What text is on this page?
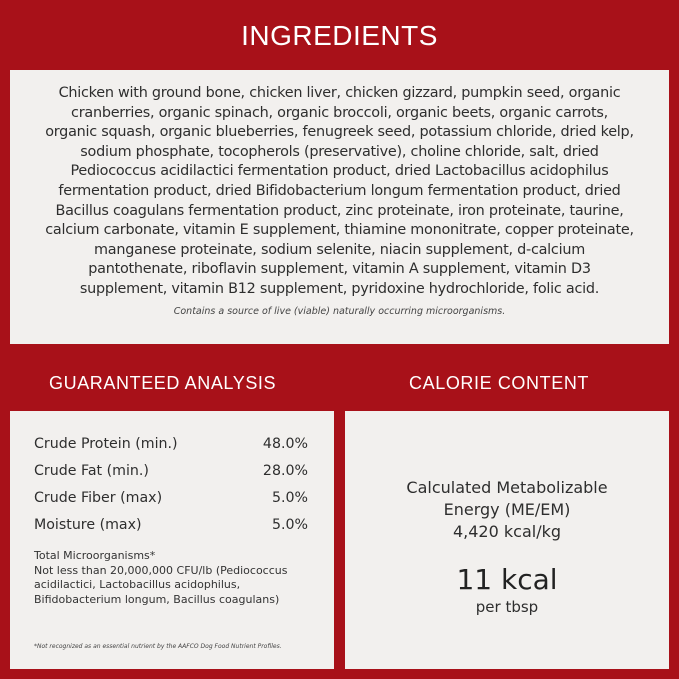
INGREDIENTS
Chicken with ground bone, chicken liver, chicken gizzard, pumpkin seed, organic
cranberries, organic spinach, organic broccoli, organic beets, organic carrots,
organic squash, organic blueberries, fenugreek seed, potassium chloride, dried kelp,
sodium phosphate, tocopherols (preservative), choline chloride, salt, dried
Pediococcus acidilactici fermentation product, dried Lactobacillus acidophilus
fermentation product, dried Bifidobacterium longum fermentation product, dried
Bacillus coagulans fermentation product, zinc proteinate, iron proteinate, taurine,
calcium carbonate, vitamin E supplement, thiamine mononitrate, copper proteinate,
manganese proteinate, sodium selenite, niacin supplement, d-calcium
pantothenate, riboflavin supplement, vitamin A supplement, vitamin D3
supplement, vitamin B12 supplement, pyridoxine hydrochloride, folic acid.
Contains a source of live (viable) naturally occurring microorganisms.
GUARANTEED ANALYSIS	CALORIE CONTENT
Crude Protein (min.)	48.0%
Crude Fat (min.)	28.0%
Crude Fiber (max)	5.0%
Moisture (max)	5.0%
Total Microorganisms*
Not less than 20,000,000 CFU/lb (Pediococcus
acidilactici, Lactobacillus acidophilus,
Bifidobacterium longum, Bacillus coagulans)
*Not recognized as an essential nutrient by the AAFCO Dog Food Nutrient Profiles.
Calculated Metabolizable
Energy (ME/EM)
4,420 kcal/kg
11 kcal
per tbsp
